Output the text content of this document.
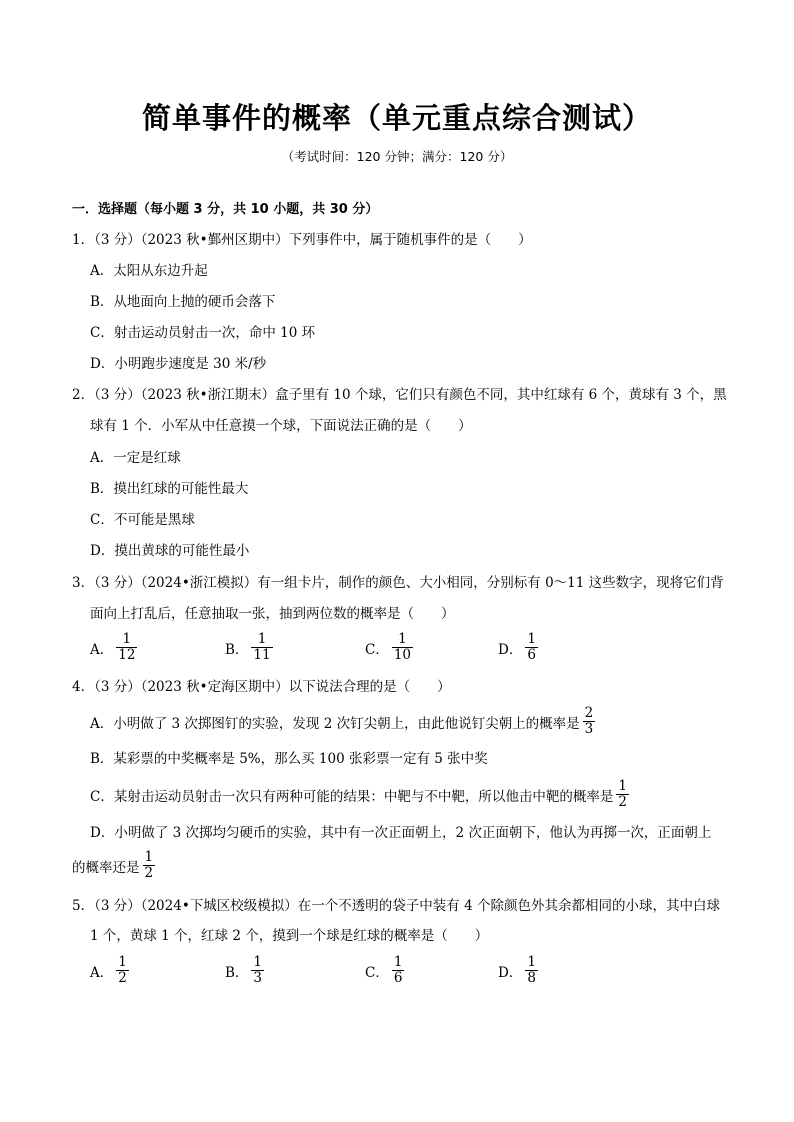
简单事件的概率（单元重点综合测试）
（考试时间：120 分钟；满分：120 分）
一．选择题（每小题 3 分，共 10 小题，共 30 分）
1．（3 分）（2023 秋•鄞州区期中）下列事件中，属于随机事件的是（　　）
A．太阳从东边升起
B．从地面向上抛的硬币会落下
C．射击运动员射击一次，命中 10 环
D．小明跑步速度是 30 米/秒
2．（3 分）（2023 秋•浙江期末）盒子里有 10 个球，它们只有颜色不同，其中红球有 6 个，黄球有 3 个，黑
球有 1 个．小军从中任意摸一个球，下面说法正确的是（　　）
A．一定是红球
B．摸出红球的可能性最大
C．不可能是黑球
D．摸出黄球的可能性最小
3．（3 分）（2024•浙江模拟）有一组卡片，制作的颜色、大小相同，分别标有 0～11 这些数字，现将它们背
面向上打乱后，任意抽取一张，抽到两位数的概率是（　　）
A． $\frac{1}{12}$	B． $\frac{1}{11}$	C． $\frac{1}{10}$	D． $\frac{1}{6}$
4．（3 分）（2023 秋•定海区期中）以下说法合理的是（　　）
A．小明做了 3 次掷图钉的实验，发现 2 次钉尖朝上，由此他说钉尖朝上的概率是 $\frac{2}{3}$
B．某彩票的中奖概率是 5%，那么买 100 张彩票一定有 5 张中奖
C．某射击运动员射击一次只有两种可能的结果：中靶与不中靶，所以他击中靶的概率是 $\frac{1}{2}$
D．小明做了 3 次掷均匀硬币的实验，其中有一次正面朝上，2 次正面朝下，他认为再掷一次，正面朝上
的概率还是 $\frac{1}{2}$
5．（3 分）（2024•下城区校级模拟）在一个不透明的袋子中装有 4 个除颜色外其余都相同的小球，其中白球
1 个，黄球 1 个，红球 2 个，摸到一个球是红球的概率是（　　）
A． $\frac{1}{2}$	B． $\frac{1}{3}$	C． $\frac{1}{6}$	D． $\frac{1}{8}$
